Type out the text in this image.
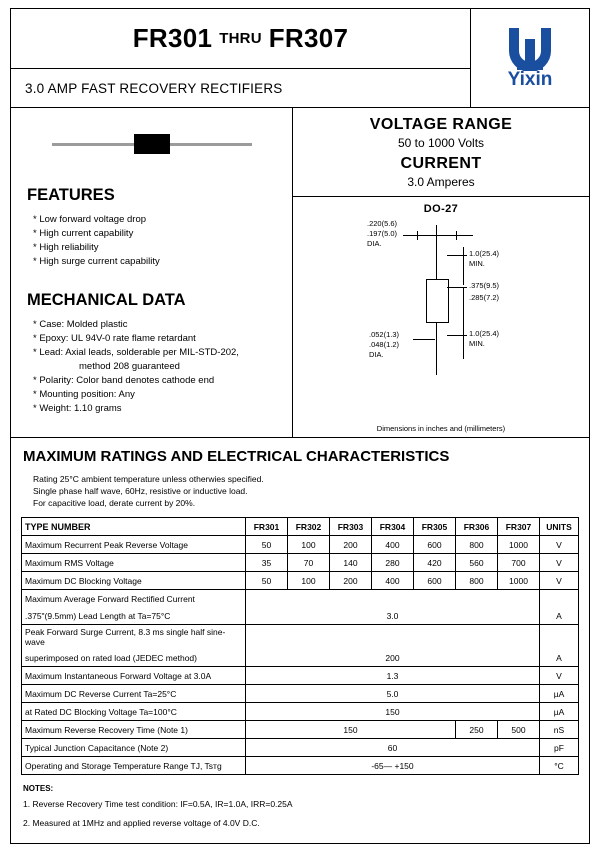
FR301 THRU FR307
3.0 AMP FAST RECOVERY RECTIFIERS	Yixin
FEATURES
* Low forward voltage drop
* High current capability
* High reliability
* High surge current capability
MECHANICAL DATA
* Case: Molded plastic
* Epoxy: UL 94V-0 rate flame retardant
* Lead: Axial leads, solderable per MIL-STD-202,
method 208 guaranteed
* Polarity: Color band denotes cathode end
* Mounting position: Any
* Weight: 1.10 grams
VOLTAGE RANGE
50 to 1000 Volts
CURRENT
3.0 Amperes
DO-27
.220(5.6)
.197(5.0)
DIA.
1.0(25.4)
MIN.
.375(9.5)
.285(7.2)
.052(1.3)
.048(1.2)
DIA.
1.0(25.4)
MIN.
Dimensions in inches and (millimeters)
MAXIMUM RATINGS AND ELECTRICAL CHARACTERISTICS
Rating 25°C ambient temperature unless otherwies specified.
Single phase half wave, 60Hz, resistive or inductive load.
For capacitive load, derate current by 20%.
TYPE NUMBER	FR301	FR302	FR303	FR304	FR305	FR306	FR307	UNITS
Maximum Recurrent Peak Reverse Voltage	50	100	200	400	600	800	1000	V
Maximum RMS Voltage	35	70	140	280	420	560	700	V
Maximum DC Blocking Voltage	50	100	200	400	600	800	1000	V
Maximum Average Forward Rectified Current								
.375"(9.5mm) Lead Length at Ta=75°C	3.0							A
Peak Forward Surge Current, 8.3 ms single half sine-wave								
superimposed on rated load (JEDEC method)	200							A
Maximum Instantaneous Forward Voltage at 3.0A	1.3							V
Maximum DC Reverse Current Ta=25°C	5.0							µA
at Rated DC Blocking Voltage Ta=100°C	150							µA
Maximum Reverse Recovery Time (Note 1)	150					250	500	nS
Typical Junction Capacitance (Note 2)	60							pF
Operating and Storage Temperature Range TJ, Tsтg	-65— +150							°C
NOTES:
1. Reverse Recovery Time test condition: IF=0.5A, IR=1.0A, IRR=0.25A
2. Measured at 1MHz and applied reverse voltage of 4.0V D.C.
